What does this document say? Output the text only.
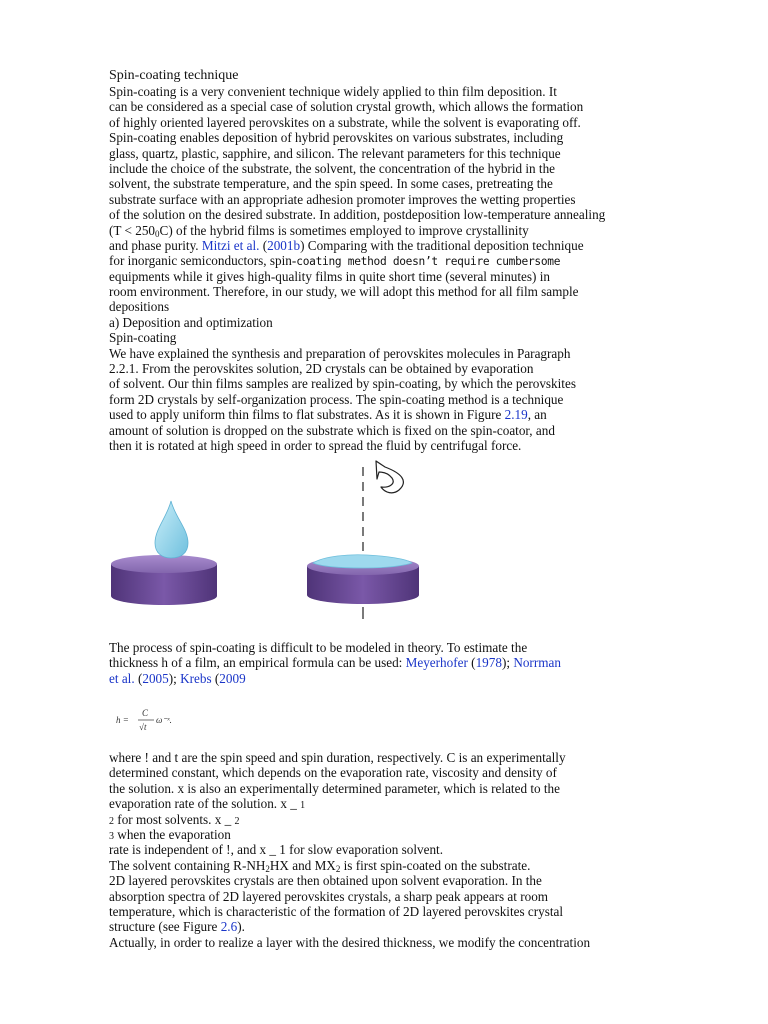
Spin-coating technique
Spin-coating is a very convenient technique widely applied to thin film deposition. It
can be considered as a special case of solution crystal growth, which allows the formation
of highly oriented layered perovskites on a substrate, while the solvent is evaporating off.
Spin-coating enables deposition of hybrid perovskites on various substrates, including
glass, quartz, plastic, sapphire, and silicon. The relevant parameters for this technique
include the choice of the substrate, the solvent, the concentration of the hybrid in the
solvent, the substrate temperature, and the spin speed. In some cases, pretreating the
substrate surface with an appropriate adhesion promoter improves the wetting properties
of the solution on the desired substrate. In addition, postdeposition low-temperature annealing
$(T < 250_0C)$ of the hybrid films is sometimes employed to improve crystallinity
and phase purity. Mitzi et al. (2001b) Comparing with the traditional deposition technique
for inorganic semiconductors, spin-coating method doesn’t require cumbersome
equipments while it gives high-quality films in quite short time (several minutes) in
room environment. Therefore, in our study, we will adopt this method for all film sample
depositions
a) Deposition and optimization
Spin-coating
We have explained the synthesis and preparation of perovskites molecules in Paragraph
2.2.1. From the perovskites solution, 2D crystals can be obtained by evaporation
of solvent. Our thin films samples are realized by spin-coating, by which the perovskites
form 2D crystals by self-organization process. The spin-coating method is a technique
used to apply uniform thin films to flat substrates. As it is shown in Figure 2.19, an
amount of solution is dropped on the substrate which is fixed on the spin-coator, and
then it is rotated at high speed in order to spread the fluid by centrifugal force.
The process of spin-coating is difficult to be modeled in theory. To estimate the
thickness h of a film, an empirical formula can be used: Meyerhofer (1978); Norrman
et al. (2005); Krebs (2009
h =
C
√t
ω⁻ˣ.
where ! and t are the spin speed and spin duration, respectively. C is an experimentally
determined constant, which depends on the evaporation rate, viscosity and density of
the solution. x is also an experimentally determined parameter, which is related to the
evaporation rate of the solution. x _ 1
2 for most solvents. x _ 2
3 when the evaporation
rate is independent of !, and x _ 1 for slow evaporation solvent.
The solvent containing $R-NH_2HX$ and $MX_2$ is first spin-coated on the substrate.
2D layered perovskites crystals are then obtained upon solvent evaporation. In the
absorption spectra of 2D layered perovskites crystals, a sharp peak appears at room
temperature, which is characteristic of the formation of 2D layered perovskites crystal
structure (see Figure 2.6).
Actually, in order to realize a layer with the desired thickness, we modify the concentration
